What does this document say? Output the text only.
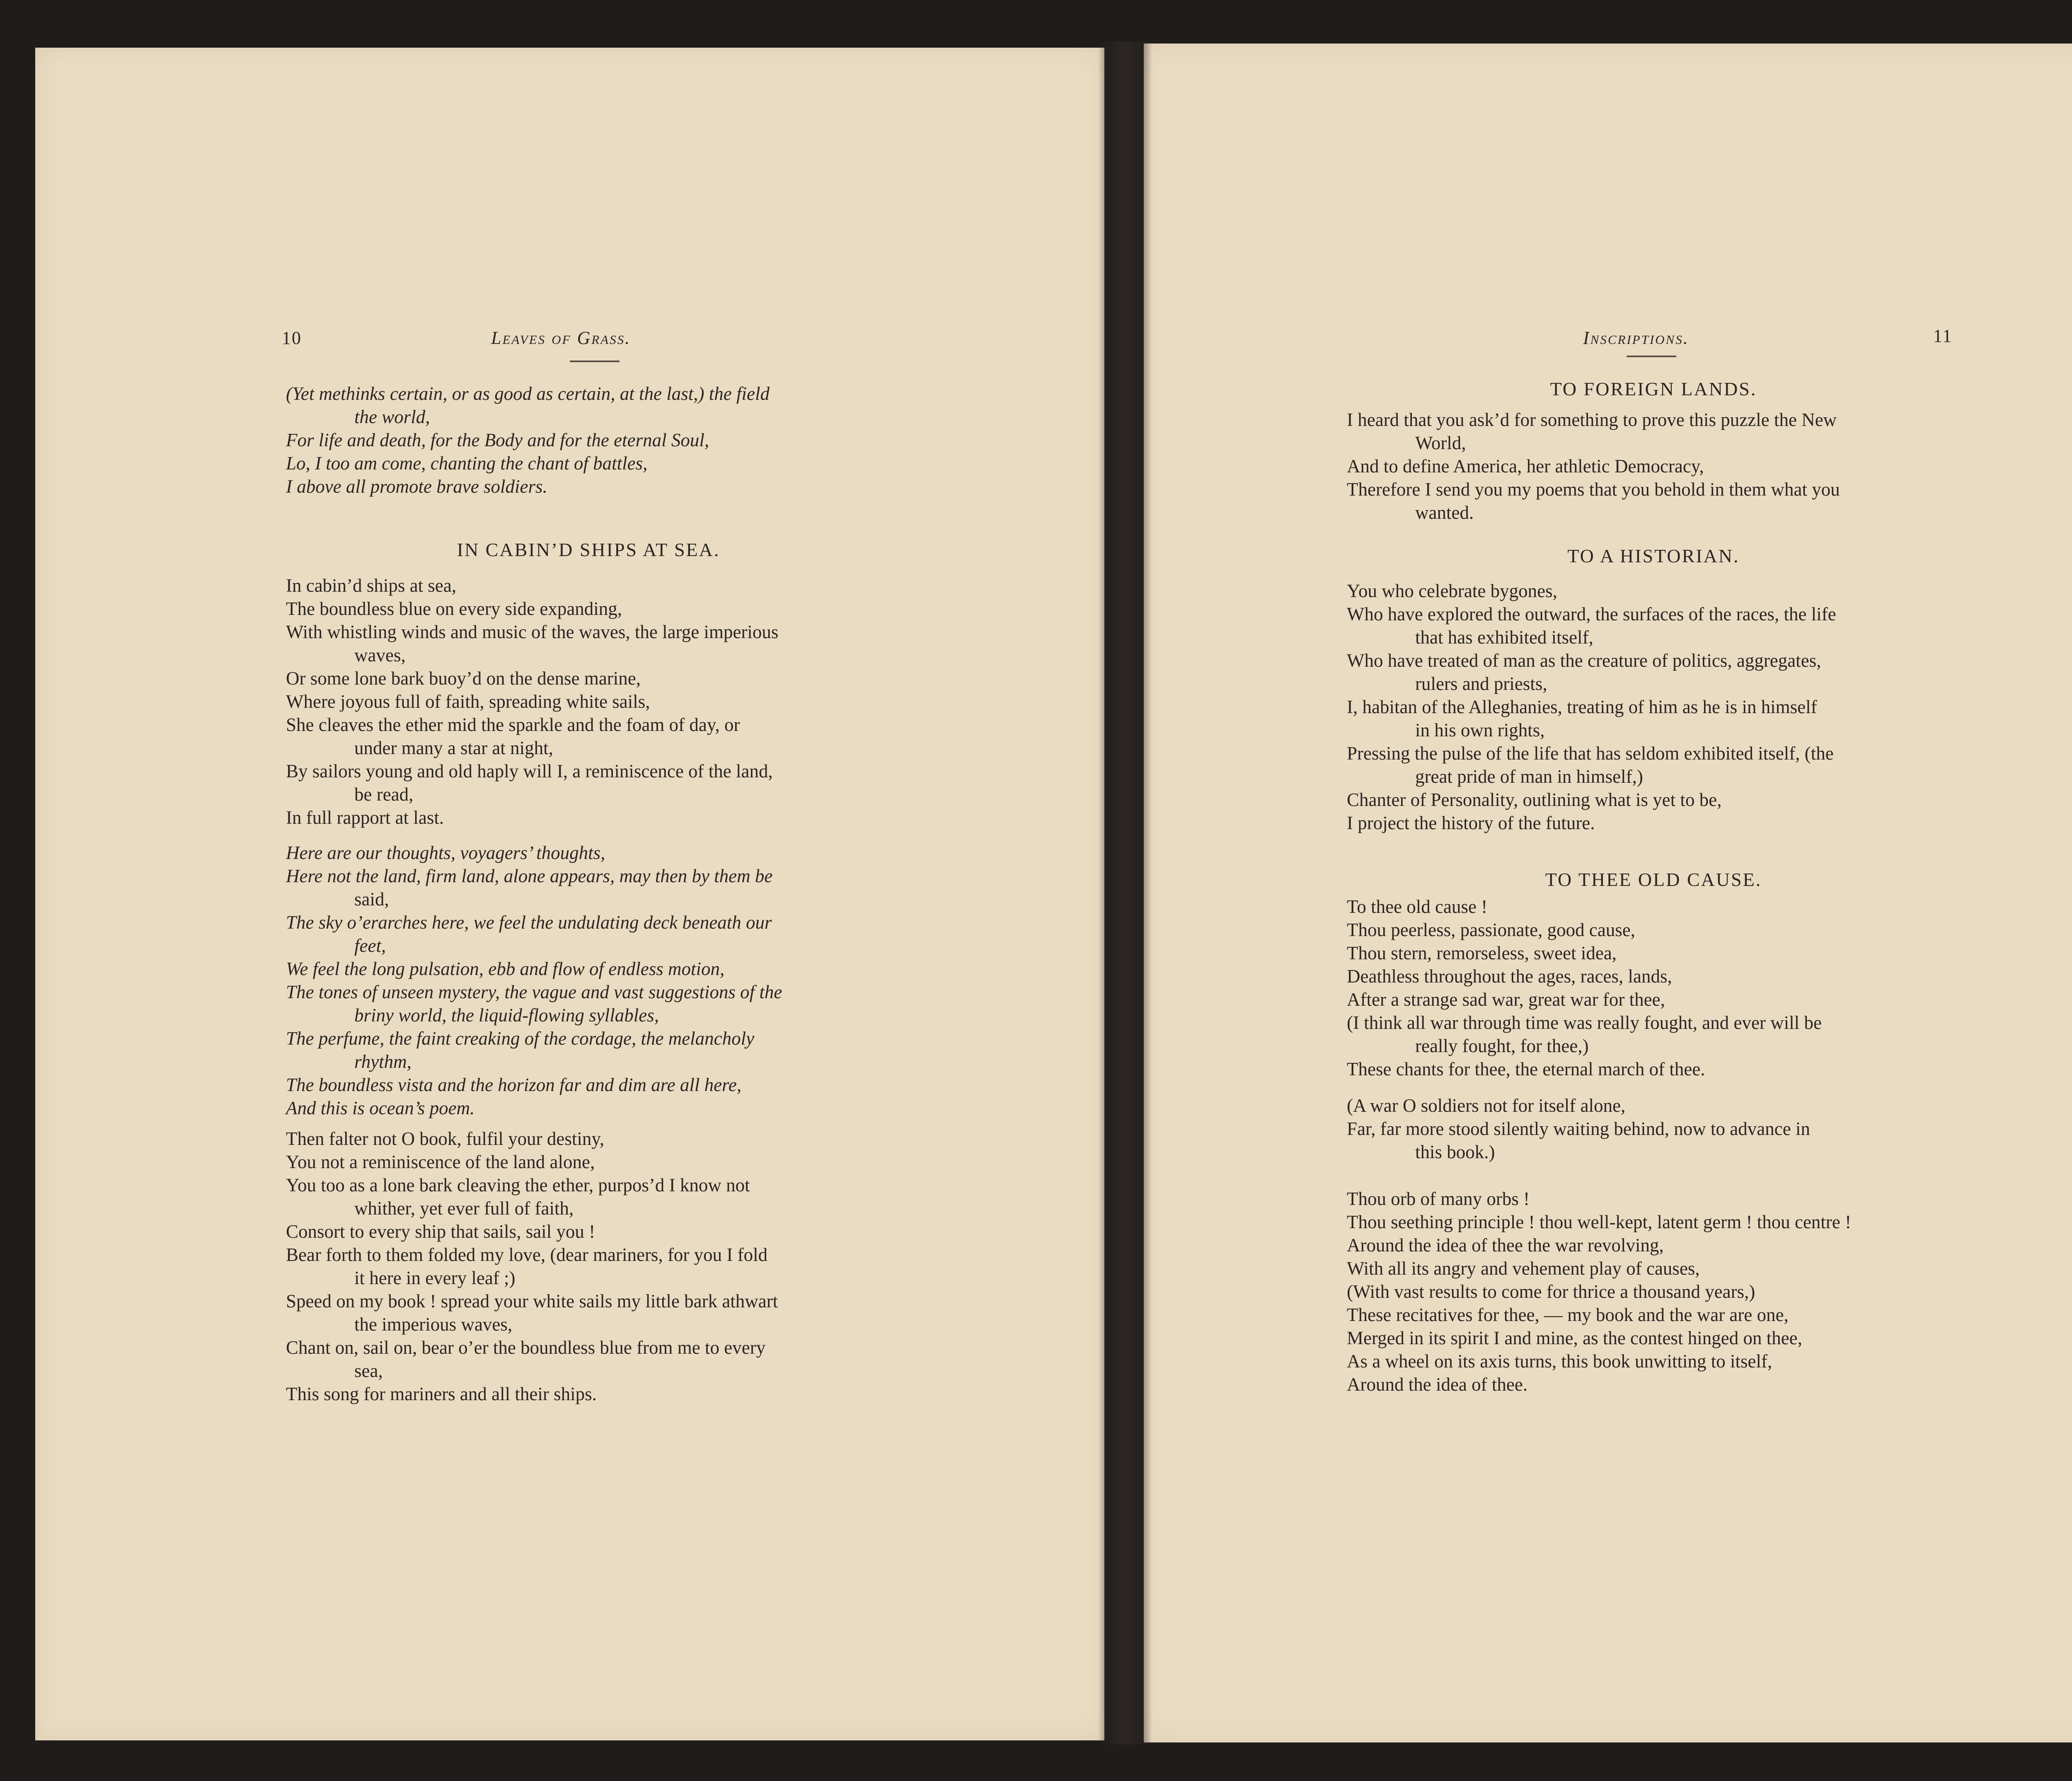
10	Leaves of Grass.
(Yet methinks certain, or as good as certain, at the last,) the field
the world,
For life and death, for the Body and for the eternal Soul,
Lo, I too am come, chanting the chant of battles,
I above all promote brave soldiers.
IN CABIN’D SHIPS AT SEA.
In cabin’d ships at sea,
The boundless blue on every side expanding,
With whistling winds and music of the waves, the large imperious
waves,
Or some lone bark buoy’d on the dense marine,
Where joyous full of faith, spreading white sails,
She cleaves the ether mid the sparkle and the foam of day, or
under many a star at night,
By sailors young and old haply will I, a reminiscence of the land,
be read,
In full rapport at last.
Here are our thoughts, voyagers’ thoughts,
Here not the land, firm land, alone appears, may then by them be
said,
The sky o’erarches here, we feel the undulating deck beneath our
feet,
We feel the long pulsation, ebb and flow of endless motion,
The tones of unseen mystery, the vague and vast suggestions of the
briny world, the liquid-flowing syllables,
The perfume, the faint creaking of the cordage, the melancholy
rhythm,
The boundless vista and the horizon far and dim are all here,
And this is ocean’s poem.
Then falter not O book, fulfil your destiny,
You not a reminiscence of the land alone,
You too as a lone bark cleaving the ether, purpos’d I know not
whither, yet ever full of faith,
Consort to every ship that sails, sail you !
Bear forth to them folded my love, (dear mariners, for you I fold
it here in every leaf ;)
Speed on my book ! spread your white sails my little bark athwart
the imperious waves,
Chant on, sail on, bear o’er the boundless blue from me to every
sea,
This song for mariners and all their ships.
Inscriptions.	11
TO FOREIGN LANDS.
I heard that you ask’d for something to prove this puzzle the New
World,
And to define America, her athletic Democracy,
Therefore I send you my poems that you behold in them what you
wanted.
TO A HISTORIAN.
You who celebrate bygones,
Who have explored the outward, the surfaces of the races, the life
that has exhibited itself,
Who have treated of man as the creature of politics, aggregates,
rulers and priests,
I, habitan of the Alleghanies, treating of him as he is in himself
in his own rights,
Pressing the pulse of the life that has seldom exhibited itself, (the
great pride of man in himself,)
Chanter of Personality, outlining what is yet to be,
I project the history of the future.
TO THEE OLD CAUSE.
To thee old cause !
Thou peerless, passionate, good cause,
Thou stern, remorseless, sweet idea,
Deathless throughout the ages, races, lands,
After a strange sad war, great war for thee,
(I think all war through time was really fought, and ever will be
really fought, for thee,)
These chants for thee, the eternal march of thee.
(A war O soldiers not for itself alone,
Far, far more stood silently waiting behind, now to advance in
this book.)
Thou orb of many orbs !
Thou seething principle ! thou well-kept, latent germ ! thou centre !
Around the idea of thee the war revolving,
With all its angry and vehement play of causes,
(With vast results to come for thrice a thousand years,)
These recitatives for thee, — my book and the war are one,
Merged in its spirit I and mine, as the contest hinged on thee,
As a wheel on its axis turns, this book unwitting to itself,
Around the idea of thee.
